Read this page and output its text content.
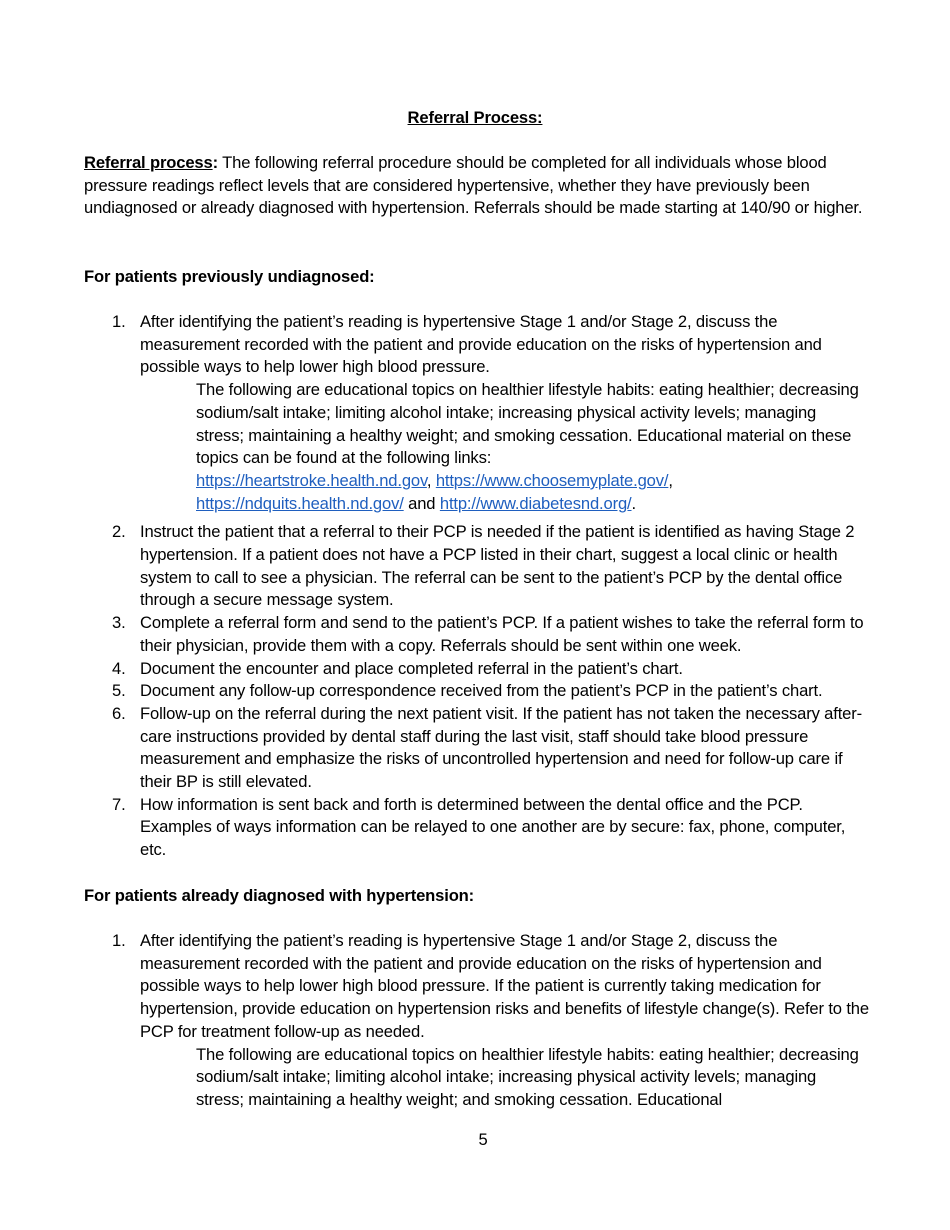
Referral Process:
Referral process: The following referral procedure should be completed for all individuals whose blood pressure readings reflect levels that are considered hypertensive, whether they have previously been undiagnosed or already diagnosed with hypertension. Referrals should be made starting at 140/90 or higher.
For patients previously undiagnosed:
1. After identifying the patient’s reading is hypertensive Stage 1 and/or Stage 2, discuss the measurement recorded with the patient and provide education on the risks of hypertension and possible ways to help lower high blood pressure.
The following are educational topics on healthier lifestyle habits: eating healthier; decreasing sodium/salt intake; limiting alcohol intake; increasing physical activity levels; managing stress; maintaining a healthy weight; and smoking cessation. Educational material on these topics can be found at the following links:
https://heartstroke.health.nd.gov, https://www.choosemyplate.gov/,
https://ndquits.health.nd.gov/ and http://www.diabetesnd.org/.
2. Instruct the patient that a referral to their PCP is needed if the patient is identified as having Stage 2 hypertension. If a patient does not have a PCP listed in their chart, suggest a local clinic or health system to call to see a physician. The referral can be sent to the patient’s PCP by the dental office through a secure message system.
3. Complete a referral form and send to the patient’s PCP. If a patient wishes to take the referral form to their physician, provide them with a copy. Referrals should be sent within one week.
4. Document the encounter and place completed referral in the patient’s chart.
5. Document any follow-up correspondence received from the patient’s PCP in the patient’s chart.
6. Follow-up on the referral during the next patient visit. If the patient has not taken the necessary after-care instructions provided by dental staff during the last visit, staff should take blood pressure measurement and emphasize the risks of uncontrolled hypertension and need for follow-up care if their BP is still elevated.
7. How information is sent back and forth is determined between the dental office and the PCP. Examples of ways information can be relayed to one another are by secure: fax, phone, computer, etc.
For patients already diagnosed with hypertension:
1. After identifying the patient’s reading is hypertensive Stage 1 and/or Stage 2, discuss the measurement recorded with the patient and provide education on the risks of hypertension and possible ways to help lower high blood pressure. If the patient is currently taking medication for hypertension, provide education on hypertension risks and benefits of lifestyle change(s). Refer to the PCP for treatment follow-up as needed.
The following are educational topics on healthier lifestyle habits: eating healthier; decreasing sodium/salt intake; limiting alcohol intake; increasing physical activity levels; managing stress; maintaining a healthy weight; and smoking cessation. Educational
5
